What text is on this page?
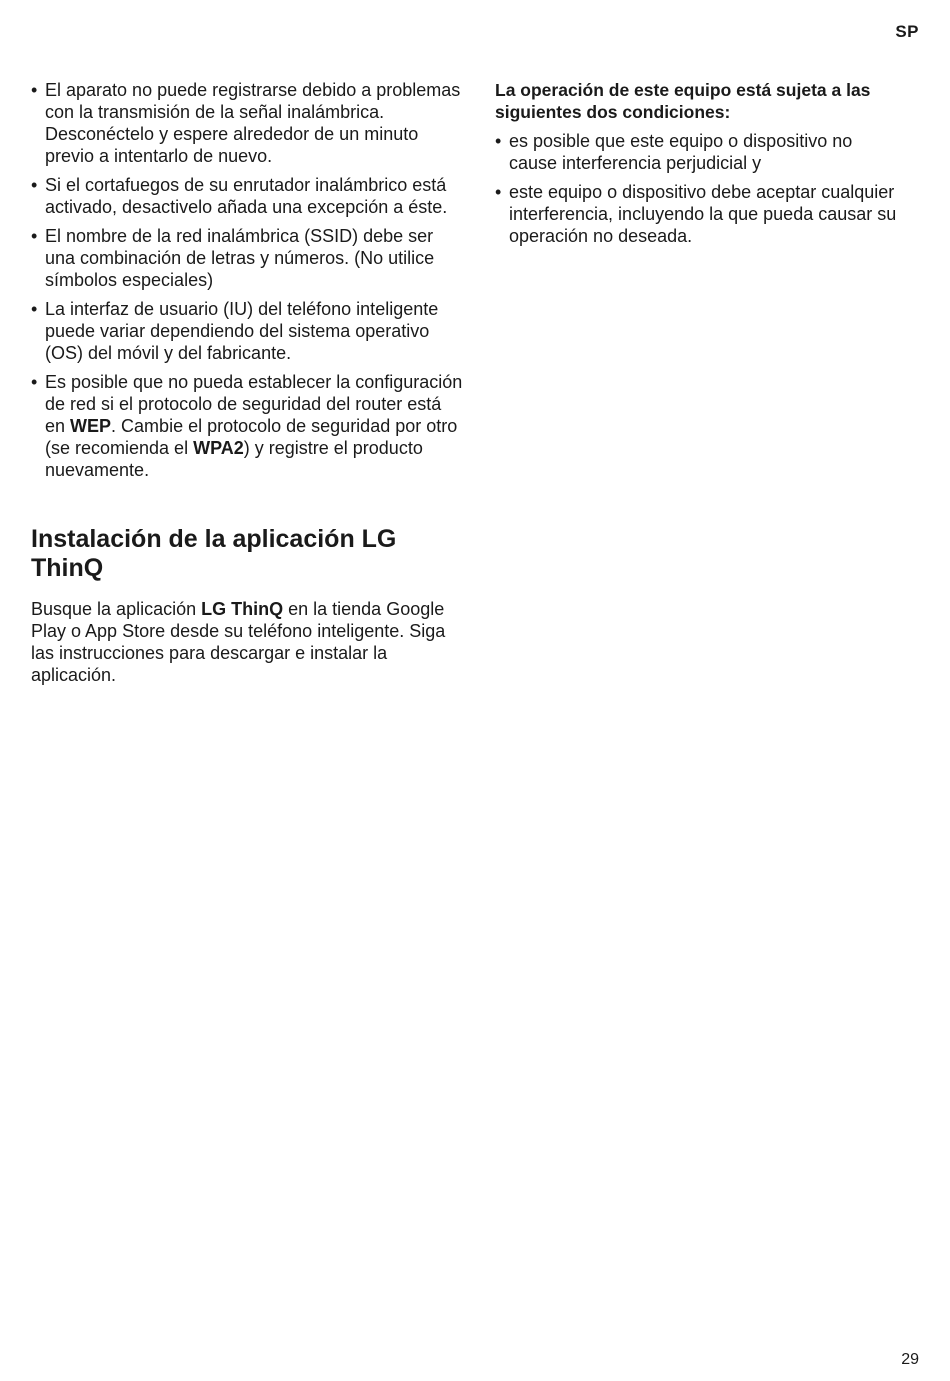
SP
• El aparato no puede registrarse debido a problemas con la transmisión de la señal inalámbrica. Desconéctelo y espere alrededor de un minuto previo a intentarlo de nuevo.
• Si el cortafuegos de su enrutador inalámbrico está activado, desactivelo añada una excepción a éste.
• El nombre de la red inalámbrica (SSID) debe ser una combinación de letras y números. (No utilice símbolos especiales)
• La interfaz de usuario (IU) del teléfono inteligente puede variar dependiendo del sistema operativo (OS) del móvil y del fabricante.
• Es posible que no pueda establecer la configuración de red si el protocolo de seguridad del router está en WEP. Cambie el protocolo de seguridad por otro (se recomienda el WPA2) y registre el producto nuevamente.
Instalación de la aplicación LG ThinQ

Busque la aplicación LG ThinQ en la tienda Google Play o App Store desde su teléfono inteligente. Siga las instrucciones para descargar e instalar la aplicación.

La operación de este equipo está sujeta a las siguientes dos condiciones:

• es posible que este equipo o dispositivo no cause interferencia perjudicial y
• este equipo o dispositivo debe aceptar cualquier interferencia, incluyendo la que pueda causar su operación no deseada.
29
